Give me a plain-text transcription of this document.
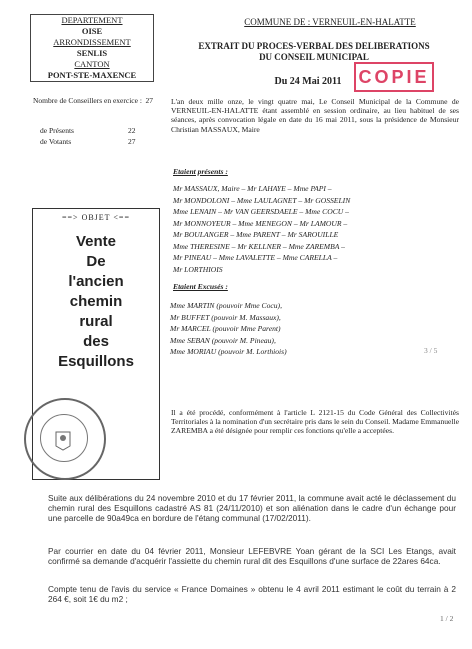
DEPARTEMENT
OISE
ARRONDISSEMENT
SENLIS
CANTON
PONT-STE-MAXENCE
COMMUNE DE : VERNEUIL-EN-HALATTE
EXTRAIT DU PROCES-VERBAL DES DELIBERATIONS
DU CONSEIL MUNICIPAL
Du 24 Mai 2011 COPIE
Nombre de Conseillers en exercice : 27
de Présents	22
de Votants	27
L'an deux mille onze, le vingt quatre mai, Le Conseil Municipal de la Commune de VERNEUIL-EN-HALATTE étant assemblé en session ordinaire, au lieu habituel de ses séances, après convocation légale en date du 16 mai 2011, sous la présidence de Monsieur Christian MASSAUX, Maire
Etaient présents :
Mr MASSAUX, Maire – Mr LAHAYE – Mme PAPI –
Mr MONDOLONI – Mme LAULAGNET – Mr GOSSELIN
Mme LENAIN – Mr VAN GEERSDAELE – Mme COCU –
Mr MONNOYEUR – Mme MENEGON – Mr LAMOUR –
Mr BOULANGER – Mme PARENT – Mr SAROUILLE
Mme THERESINE – Mr KELLNER – Mme ZAREMBA –
Mr PINEAU – Mme LAVALETTE – Mme CARELLA –
Mr LORTHIOIS
Etaient Excusés :
Mme MARTIN (pouvoir Mme Cocu),
Mr BUFFET (pouvoir M. Massaux),
Mr MARCEL (pouvoir Mme Parent)
Mme SEBAN (pouvoir M. Pineau),
Mme MORIAU (pouvoir M. Lorthiois)	3 / 5
==> OBJET <==
Vente
De
l'ancien
chemin
rural
des
Esquillons
Il a été procédé, conformément à l'article L 2121-15 du Code Général des Collectivités Territoriales à la nomination d'un secrétaire pris dans le sein du Conseil. Madame Emmanuelle ZAREMBA a été désignée pour remplir ces fonctions qu'elle a acceptées.
Suite aux délibérations du 24 novembre 2010 et du 17 février 2011, la commune avait acté le déclassement du chemin rural des Esquillons cadastré AS 81 (24/11/2010) et son aliénation dans le cadre d'un échange pour une parcelle de 90a49ca en bordure de l'étang communal (17/02/2011).
Par courrier en date du 04 février 2011, Monsieur LEFEBVRE Yoan gérant de la SCI Les Etangs, avait confirmé sa demande d'acquérir l'assiette du chemin rural dit des Esquillons d'une surface de 22ares 64ca.
Compte tenu de l'avis du service « France Domaines » obtenu le 4 avril 2011 estimant le coût du terrain à 2 264 €, soit 1€ du m2 ;
1 / 2
